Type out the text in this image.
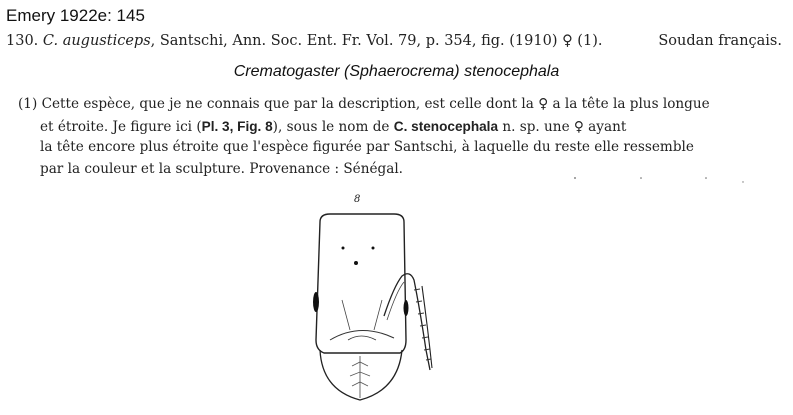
Emery 1922e: 145
130. C. augusticeps, Santschi, Ann. Soc. Ent. Fr. Vol. 79, p. 354, fig. (1910) ♀ (1).	Soudan français.
Crematogaster (Sphaerocrema) stenocephala
(1) Cette espèce, que je ne connais que par la description, est celle dont la ♀ a la tête la plus longue
et étroite. Je figure ici (Pl. 3, Fig. 8), sous le nom de C. stenocephala n. sp. une ♀ ayant
la tête encore plus étroite que l'espèce figurée par Santschi, à laquelle du reste elle ressemble
par la couleur et la sculpture. Provenance : Sénégal.
8
